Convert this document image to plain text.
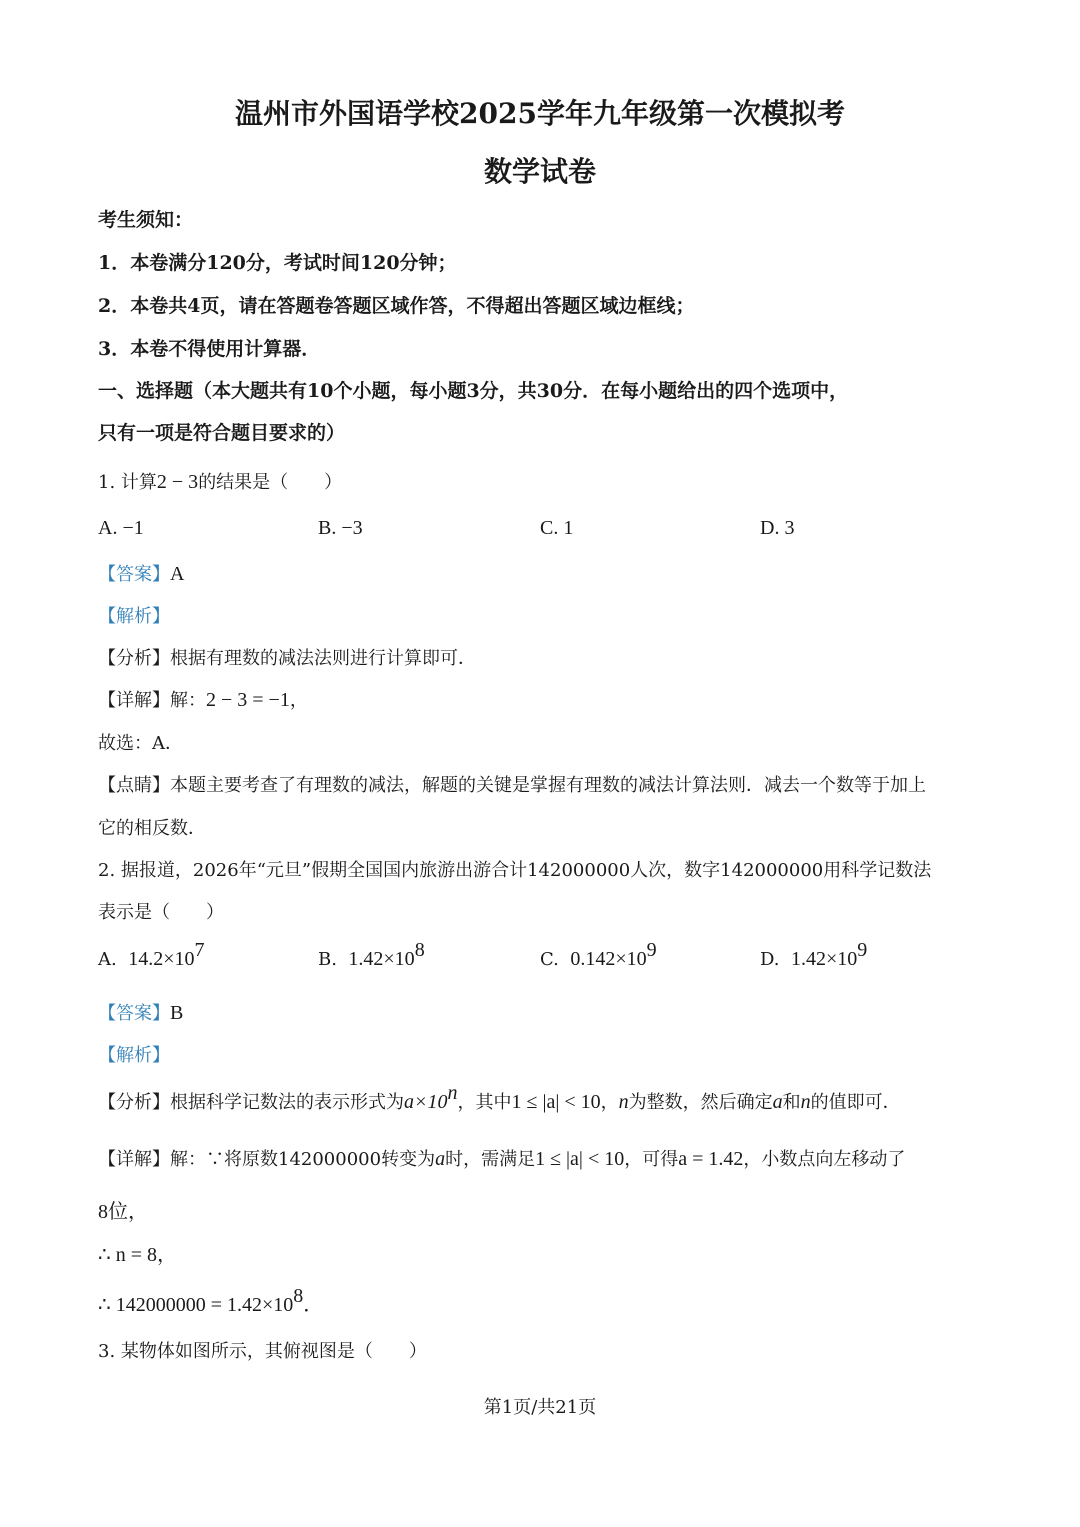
温州市外国语学校2025学年九年级第一次模拟考
数学试卷
考生须知：
1．本卷满分120分，考试时间120分钟；
2．本卷共4页，请在答题卷答题区域作答，不得超出答题区域边框线；
3．本卷不得使用计算器．
一、选择题（本大题共有10个小题，每小题3分，共30分．在每小题给出的四个选项中，
只有一项是符合题目要求的）
1. 计算2 − 3的结果是（　　）
A. −1	B. −3	C. 1	D. 3
【答案】A
【解析】
【分析】根据有理数的减法法则进行计算即可．
【详解】解：2 − 3 = −1，
故选：A．
【点睛】本题主要考查了有理数的减法，解题的关键是掌握有理数的减法计算法则．减去一个数等于加上
它的相反数．
2. 据报道，2026年“元旦”假期全国国内旅游出游合计142000000人次，数字142000000用科学记数法
表示是（　　）
A. $14.2\times 10^7$	B. $1.42\times 10^8$	C. $0.142\times 10^9$	D. $1.42\times 10^9$
【答案】B
【解析】
【分析】根据科学记数法的表示形式为$a\times 10^n$，其中1 ≤ |a| < 10，n为整数，然后确定a和n的值即可．
【详解】解：∵将原数142000000转变为a时，需满足1 ≤ |a| < 10，可得a = 1.42，小数点向左移动了
8位，
∴ n = 8，
∴ $142000000 = 1.42\times 10^8$．
3. 某物体如图所示，其俯视图是（　　）
第1页/共21页
